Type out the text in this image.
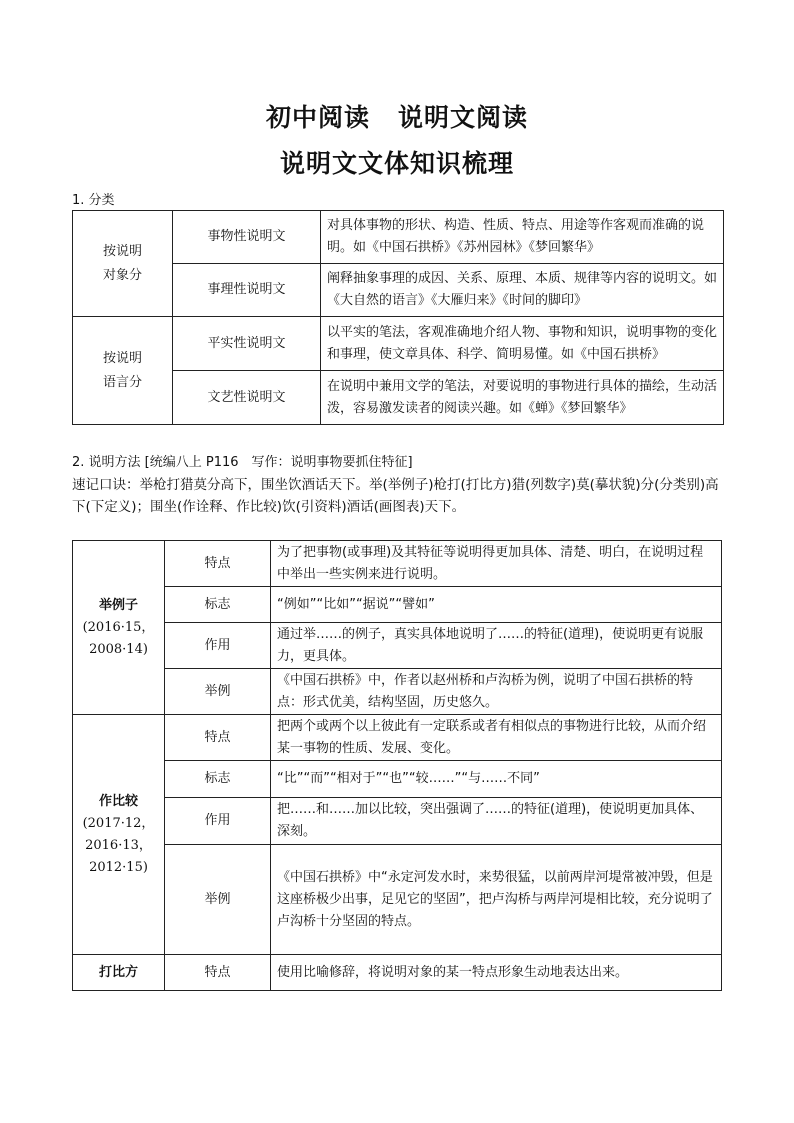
初中阅读 说明文阅读
说明文文体知识梳理
1. 分类
按说明
对象分	事物性说明文	对具体事物的形状、构造、性质、特点、用途等作客观而准确的说明。如《中国石拱桥》《苏州园林》《梦回繁华》
	事理性说明文	阐释抽象事理的成因、关系、原理、本质、规律等内容的说明文。如《大自然的语言》《大雁归来》《时间的脚印》

按说明
语言分	平实性说明文	以平实的笔法，客观准确地介绍人物、事物和知识，说明事物的变化和事理，使文章具体、科学、简明易懂。如《中国石拱桥》
	文艺性说明文	在说明中兼用文学的笔法，对要说明的事物进行具体的描绘，生动活泼，容易激发读者的阅读兴趣。如《蝉》《梦回繁华》
2. 说明方法 [统编八上 P116　写作：说明事物要抓住特征]
速记口诀：举枪打猎莫分高下，围坐饮酒话天下。举(举例子)枪打(打比方)猎(列数字)莫(摹状貌)分(分类别)高下(下定义)；围坐(作诠释、作比较)饮(引资料)酒话(画图表)天下。
举例子
(2016·15，
2008·14)	特点	为了把事物(或事理)及其特征等说明得更加具体、清楚、明白，在说明过程中举出一些实例来进行说明。
	标志	“例如”“比如”“据说”“譬如”
	作用	通过举……的例子，真实具体地说明了……的特征(道理)，使说明更有说服力，更具体。
	举例	《中国石拱桥》中，作者以赵州桥和卢沟桥为例，说明了中国石拱桥的特点：形式优美，结构坚固，历史悠久。

作比较
(2017·12，
2016·13，
2012·15)	特点	把两个或两个以上彼此有一定联系或者有相似点的事物进行比较，从而介绍某一事物的性质、发展、变化。
	标志	“比”“而”“相对于”“也”“较……”“与……不同”
	作用	把……和……加以比较，突出强调了……的特征(道理)，使说明更加具体、深刻。
	举例	《中国石拱桥》中“永定河发水时，来势很猛，以前两岸河堤常被冲毁，但是这座桥极少出事，足见它的坚固”，把卢沟桥与两岸河堤相比较，充分说明了卢沟桥十分坚固的特点。

打比方	特点	使用比喻修辞，将说明对象的某一特点形象生动地表达出来。
